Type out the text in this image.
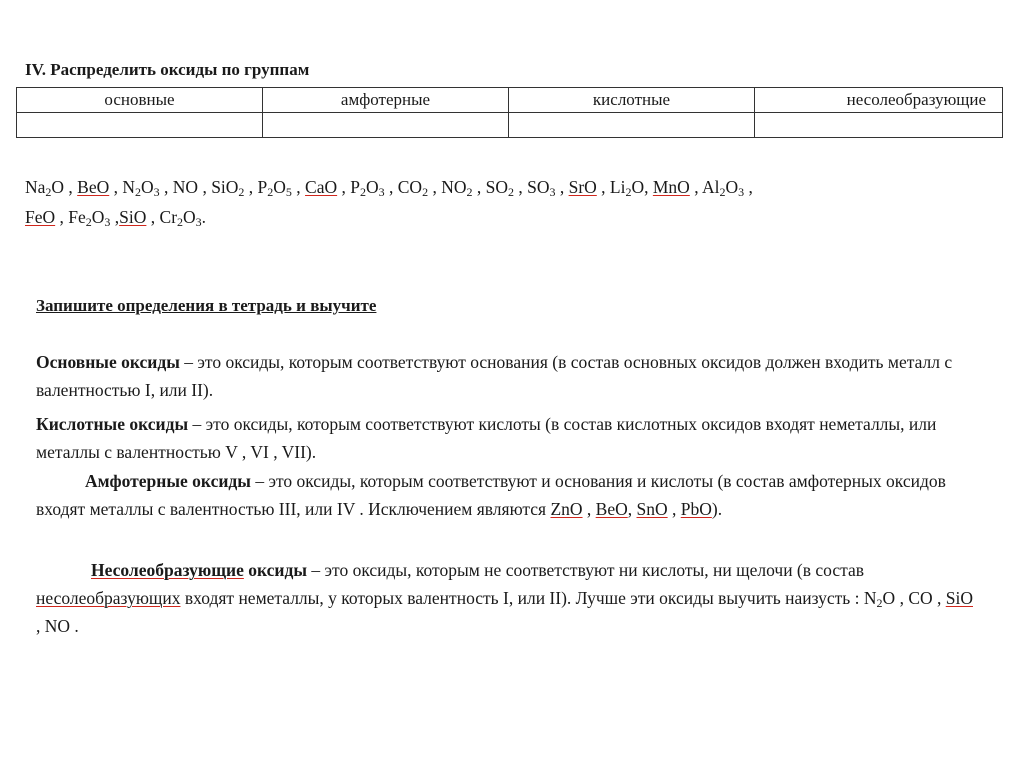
IV. Распределить оксиды по группам
основные	амфотерные	кислотные	несолеобразующие

$Na_2O$ , BeO , $N_2O_3$ , NO , SiO$_2$ , $P_2O_5$ , CaO , $P_2O_3$ , $CO_2$ , $NO_2$ , $SO_2$ , $SO_3$ , SrO , $Li_2O$, MnO , $Al_2O_3$ ,
FeO , $Fe_2O_3$ ,SiO , $Cr_2O_3$.
Запишите определения в тетрадь и выучите
Основные оксиды – это оксиды, которым соответствуют основания (в состав основных оксидов должен входить металл с валентностью I, или II).
Кислотные оксиды – это оксиды, которым соответствуют кислоты (в состав кислотных оксидов входят неметаллы, или металлы с валентностью V , VI , VII).
Амфотерные оксиды – это оксиды, которым соответствуют и основания и кислоты (в состав амфотерных оксидов входят металлы с валентностью III, или IV . Исключением являются ZnO , BeO, SnO , PbO).
Несолеобразующие оксиды – это оксиды, которым не соответствуют ни кислоты, ни щелочи (в состав несолеобразующих входят неметаллы, у которых валентность I, или II). Лучше эти оксиды выучить наизусть : $N_2O$ , CO , SiO , NO .
